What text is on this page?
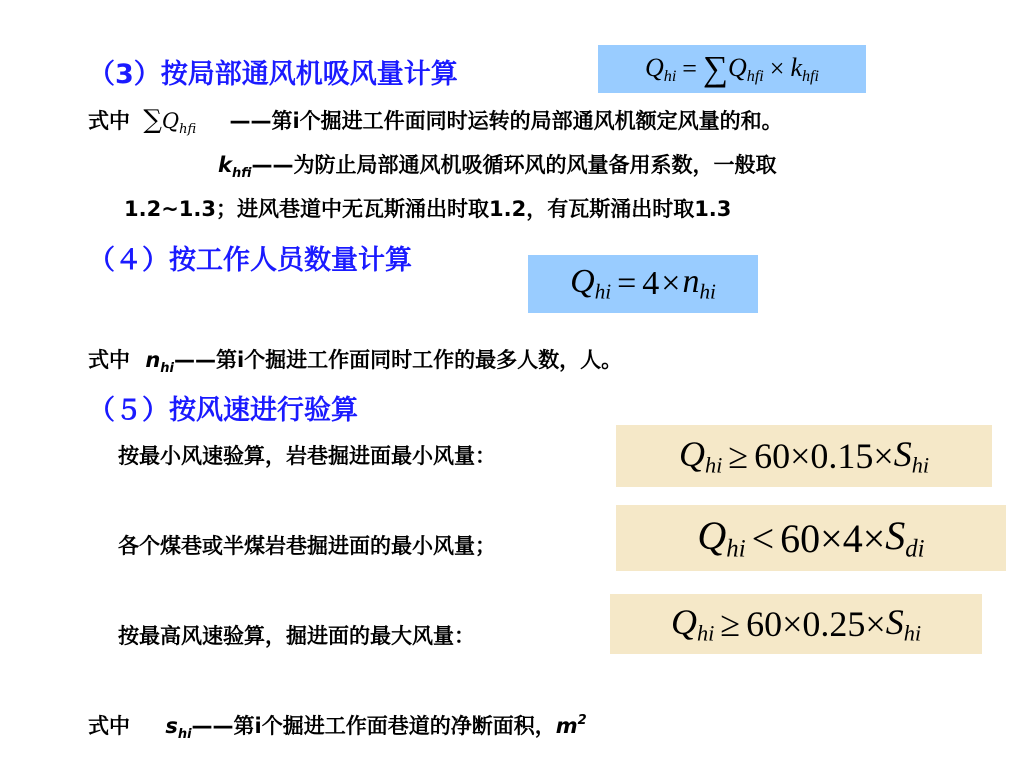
（3）按局部通风机吸风量计算	Qhi = ∑ Qhfi × khfi
式中 $\sum Q_{hfi}$ ——第i个掘进工件面同时运转的局部通风机额定风量的和。
$k_{hfi}——$为防止局部通风机吸循环风的风量备用系数，一般取
1.2~1.3；进风巷道中无瓦斯涌出时取1.2，有瓦斯涌出时取1.3
（４）按工作人员数量计算
Qhi = 4 × nhi
式中 $n_{hi}——$第i个掘进工作面同时工作的最多人数，人。
（５）按风速进行验算
按最小风速验算，岩巷掘进面最小风量：	Qhi ≥ 60 × 0.15 × Shi
各个煤巷或半煤岩巷掘进面的最小风量；	Qhi < 60 × 4 × Sdi
按最高风速验算，掘进面的最大风量：	Qhi ≥ 60 × 0.25 × Shi
式中 $s_{hi}——$第i个掘进工作面巷道的净断面积，$m^2$
